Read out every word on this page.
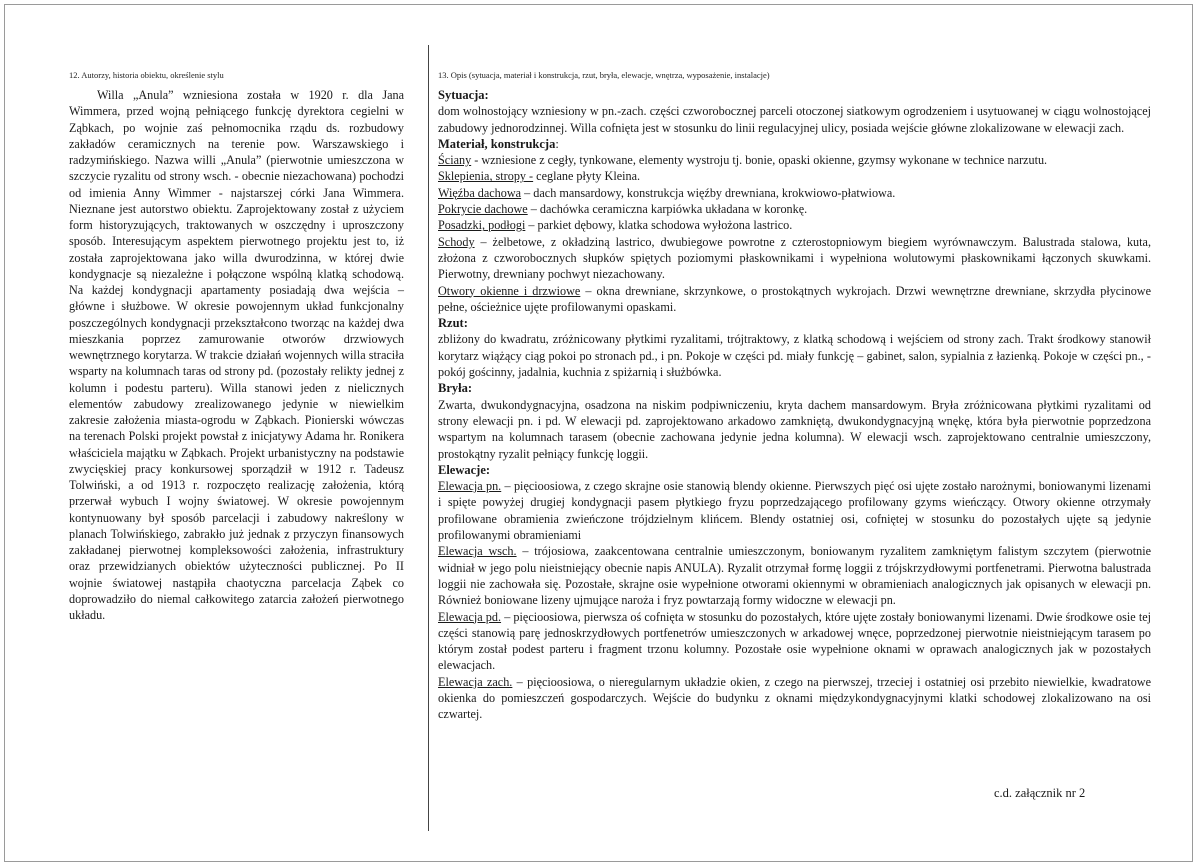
12. Autorzy, historia obiektu, określenie stylu

Willa „Anula” wzniesiona została w 1920 r. dla Jana Wimmera, przed wojną pełniącego funkcję dyrektora cegielni w Ząbkach, po wojnie zaś pełnomocnika rządu ds. rozbudowy zakładów ceramicznych na terenie pow. Warszawskiego i radzymińskiego. Nazwa willi „Anula” (pierwotnie umieszczona w szczycie ryzalitu od strony wsch. - obecnie niezachowana) pochodzi od imienia Anny Wimmer - najstarszej córki Jana Wimmera. Nieznane jest autorstwo obiektu. Zaprojektowany został z użyciem form historyzujących, traktowanych w oszczędny i uproszczony sposób. Interesującym aspektem pierwotnego projektu jest to, iż została zaprojektowana jako willa dwurodzinna, w której dwie kondygnacje są niezależne i połączone wspólną klatką schodową. Na każdej kondygnacji apartamenty posiadają dwa wejścia – główne i służbowe. W okresie powojennym układ funkcjonalny poszczególnych kondygnacji przekształcono tworząc na każdej dwa mieszkania poprzez zamurowanie otworów drzwiowych wewnętrznego korytarza. W trakcie działań wojennych willa straciła wsparty na kolumnach taras od strony pd. (pozostały relikty jednej z kolumn i podestu parteru). Willa stanowi jeden z nielicznych elementów zabudowy zrealizowanego jedynie w niewielkim zakresie założenia miasta-ogrodu w Ząbkach. Pionierski wówczas na terenach Polski projekt powstał z inicjatywy Adama hr. Ronikera właściciela majątku w Ząbkach. Projekt urbanistyczny na podstawie zwycięskiej pracy konkursowej sporządził w 1912 r. Tadeusz Tolwiński, a od 1913 r. rozpoczęto realizację założenia, którą przerwał wybuch I wojny światowej. W okresie powojennym kontynuowany był sposób parcelacji i zabudowy nakreślony w planach Tolwińskiego, zabrakło już jednak z przyczyn finansowych zakładanej pierwotnej kompleksowości założenia, infrastruktury oraz przewidzianych obiektów użyteczności publicznej. Po II wojnie światowej nastąpiła chaotyczna parcelacja Ząbek co doprowadziło do niemal całkowitego zatarcia założeń pierwotnego układu.

13. Opis (sytuacja, materiał i konstrukcja, rzut, bryła, elewacje, wnętrza, wyposażenie, instalacje)

Sytuacja:

dom wolnostojący wzniesiony w pn.-zach. części czworobocznej parceli otoczonej siatkowym ogrodzeniem i usytuowanej w ciągu wolnostojącej zabudowy jednorodzinnej. Willa cofnięta jest w stosunku do linii regulacyjnej ulicy, posiada wejście główne zlokalizowane w elewacji zach.

Materiał, konstrukcja:

Ściany - wzniesione z cegły, tynkowane, elementy wystroju tj. bonie, opaski okienne, gzymsy wykonane w technice narzutu.

Sklepienia, stropy - ceglane płyty Kleina.

Więźba dachowa – dach mansardowy, konstrukcja więźby drewniana, krokwiowo-płatwiowa.

Pokrycie dachowe – dachówka ceramiczna karpiówka układana w koronkę.

Posadzki, podłogi – parkiet dębowy, klatka schodowa wyłożona lastrico.

Schody – żelbetowe, z okładziną lastrico, dwubiegowe powrotne z czterostopniowym biegiem wyrównawczym. Balustrada stalowa, kuta, złożona z czworobocznych słupków spiętych poziomymi płaskownikami i wypełniona wolutowymi płaskownikami łączonych skuwkami. Pierwotny, drewniany pochwyt niezachowany.

Otwory okienne i drzwiowe – okna drewniane, skrzynkowe, o prostokątnych wykrojach. Drzwi wewnętrzne drewniane, skrzydła płycinowe pełne, ościeżnice ujęte profilowanymi opaskami.

Rzut:

zbliżony do kwadratu, zróżnicowany płytkimi ryzalitami, trójtraktowy, z klatką schodową i wejściem od strony zach. Trakt środkowy stanowił korytarz wiążący ciąg pokoi po stronach pd., i pn. Pokoje w części pd. miały funkcję – gabinet, salon, sypialnia z łazienką. Pokoje w części pn., - pokój gościnny, jadalnia, kuchnia z spiżarnią i służbówka.

Bryła:

Zwarta, dwukondygnacyjna, osadzona na niskim podpiwniczeniu, kryta dachem mansardowym. Bryła zróżnicowana płytkimi ryzalitami od strony elewacji pn. i pd. W elewacji pd. zaprojektowano arkadowo zamkniętą, dwukondygnacyjną wnękę, która była pierwotnie poprzedzona wspartym na kolumnach tarasem (obecnie zachowana jedynie jedna kolumna). W elewacji wsch. zaprojektowano centralnie umieszczony, prostokątny ryzalit pełniący funkcję loggii.

Elewacje:

Elewacja pn. – pięcioosiowa, z czego skrajne osie stanowią blendy okienne. Pierwszych pięć osi ujęte zostało narożnymi, boniowanymi lizenami i spięte powyżej drugiej kondygnacji pasem płytkiego fryzu poprzedzającego profilowany gzyms wieńczący. Otwory okienne otrzymały profilowane obramienia zwieńczone trójdzielnym klińcem. Blendy ostatniej osi, cofniętej w stosunku do pozostałych ujęte są jedynie profilowanymi obramieniami

Elewacja wsch. – trójosiowa, zaakcentowana centralnie umieszczonym, boniowanym ryzalitem zamkniętym falistym szczytem (pierwotnie widniał w jego polu nieistniejący obecnie napis ANULA). Ryzalit otrzymał formę loggii z trójskrzydłowymi portfenetrami. Pierwotna balustrada loggii nie zachowała się. Pozostałe, skrajne osie wypełnione otworami okiennymi w obramieniach analogicznych jak opisanych w elewacji pn. Również boniowane lizeny ujmujące naroża i fryz powtarzają formy widoczne w elewacji pn.

Elewacja pd. – pięcioosiowa, pierwsza oś cofnięta w stosunku do pozostałych, które ujęte zostały boniowanymi lizenami. Dwie środkowe osie tej części stanowią parę jednoskrzydłowych portfenetrów umieszczonych w arkadowej wnęce, poprzedzonej pierwotnie nieistniejącym tarasem po którym został podest parteru i fragment trzonu kolumny. Pozostałe osie wypełnione oknami w oprawach analogicznych jak w pozostałych elewacjach.

Elewacja zach. – pięcioosiowa, o nieregularnym układzie okien, z czego na pierwszej, trzeciej i ostatniej osi przebito niewielkie, kwadratowe okienka do pomieszczeń gospodarczych. Wejście do budynku z oknami międzykondygnacyjnymi klatki schodowej zlokalizowano na osi czwartej.

c.d. załącznik nr 2
